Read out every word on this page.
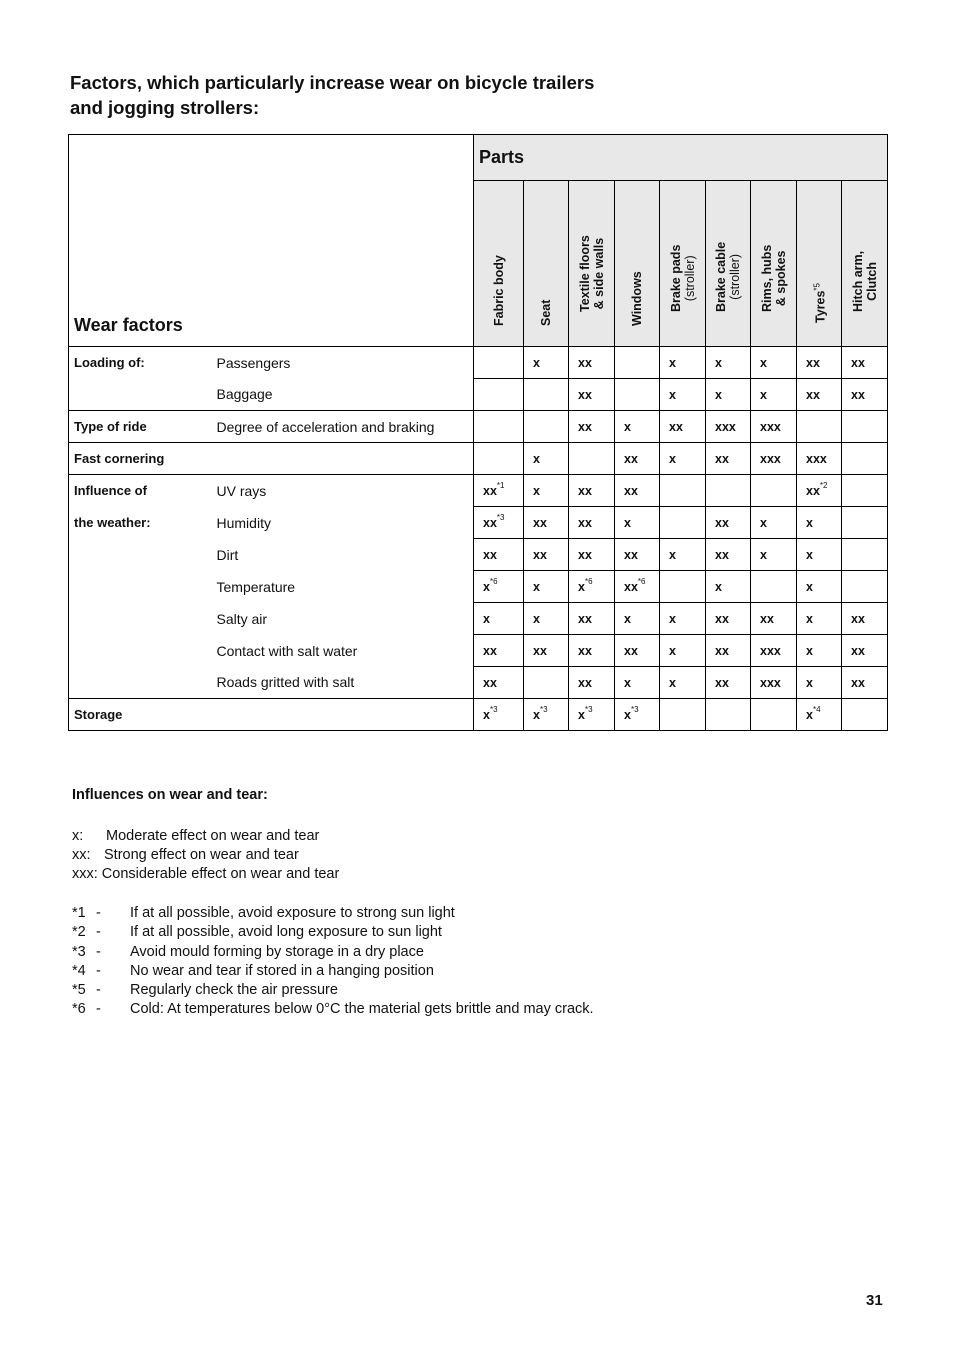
Factors, which particularly increase wear on bicycle trailers
and jogging strollers:
Wear factors		Parts								

		Fabric body	Seat	Textile floors & side walls	Windows	Brake pads (stroller)	Brake cable (stroller)	Rims, hubs & spokes	Tyres$^{*5}$	Hitch arm, Clutch

Loading of:	Passengers		x	xx		x	x	x	xx	xx
	Baggage			xx		x	x	x	xx	xx
Type of ride	Degree of acceleration and braking			xx	x	xx	xxx	xxx		
Fast cornering			x		xx	x	xx	xxx	xxx	
Influence of	UV rays	$xx^{*1}$	x	xx	xx				$xx^{*2}$	
the weather:	Humidity	$xx^{*3}$	xx	xx	x		xx	x	x	
	Dirt	xx	xx	xx	xx	x	xx	x	x	
	Temperature	$x^{*6}$	x	$x^{*6}$	$xx^{*6}$		x		x	
	Salty air	x	x	xx	x	x	xx	xx	x	xx
	Contact with salt water	xx	xx	xx	xx	x	xx	xxx	x	xx
	Roads gritted with salt	xx		xx	x	x	xx	xxx	x	xx
Storage		$x^{*3}$	$x^{*3}$	$x^{*3}$	$x^{*3}$				$x^{*4}$	
Influences on wear and tear:
x: Moderate effect on wear and tear
xx: Strong effect on wear and tear
xxx: Considerable effect on wear and tear
*1 - If at all possible, avoid exposure to strong sun light
*2 - If at all possible, avoid long exposure to sun light
*3 - Avoid mould forming by storage in a dry place
*4 - No wear and tear if stored in a hanging position
*5 - Regularly check the air pressure
*6 - Cold: At temperatures below 0°C the material gets brittle and may crack.
31
